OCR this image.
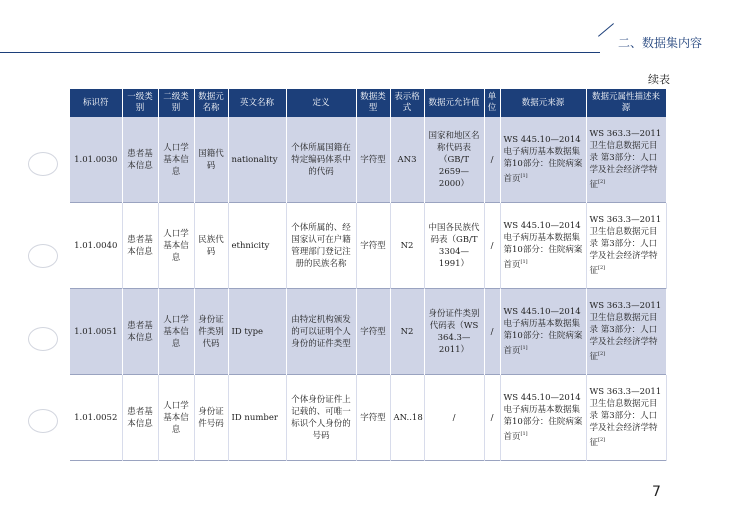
二、数据集内容
续表
标识符	一级类别	二级类别	数据元名称	英文名称	定义	数据类型	表示格式	数据元允许值	单位	数据元来源	数据元属性描述来源
1.01.0030	患者基本信息	人口学基本信息	国籍代码	nationality	个体所属国籍在特定编码体系中的代码	字符型	AN3	国家和地区名称代码表（GB/T 2659—2000）	/	WS 445.10—2014 电子病历基本数据集 第10部分：住院病案首页[1]	WS 363.3—2011 卫生信息数据元目录 第3部分：人口学及社会经济学特征[2]
1.01.0040	患者基本信息	人口学基本信息	民族代码	ethnicity	个体所属的、经国家认可在户籍管理部门登记注册的民族名称	字符型	N2	中国各民族代码表（GB/T 3304—1991）	/	WS 445.10—2014 电子病历基本数据集 第10部分：住院病案首页[1]	WS 363.3—2011 卫生信息数据元目录 第3部分：人口学及社会经济学特征[2]
1.01.0051	患者基本信息	人口学基本信息	身份证件类别代码	ID type	由特定机构颁发的可以证明个人身份的证件类型	字符型	N2	身份证件类别代码表（WS 364.3—2011）	/	WS 445.10—2014 电子病历基本数据集 第10部分：住院病案首页[1]	WS 363.3—2011 卫生信息数据元目录 第3部分：人口学及社会经济学特征[2]
1.01.0052	患者基本信息	人口学基本信息	身份证件号码	ID number	个体身份证件上记载的、可唯一标识个人身份的号码	字符型	AN..18	/	/	WS 445.10—2014 电子病历基本数据集 第10部分：住院病案首页[1]	WS 363.3—2011 卫生信息数据元目录 第3部分：人口学及社会经济学特征[2]
7
